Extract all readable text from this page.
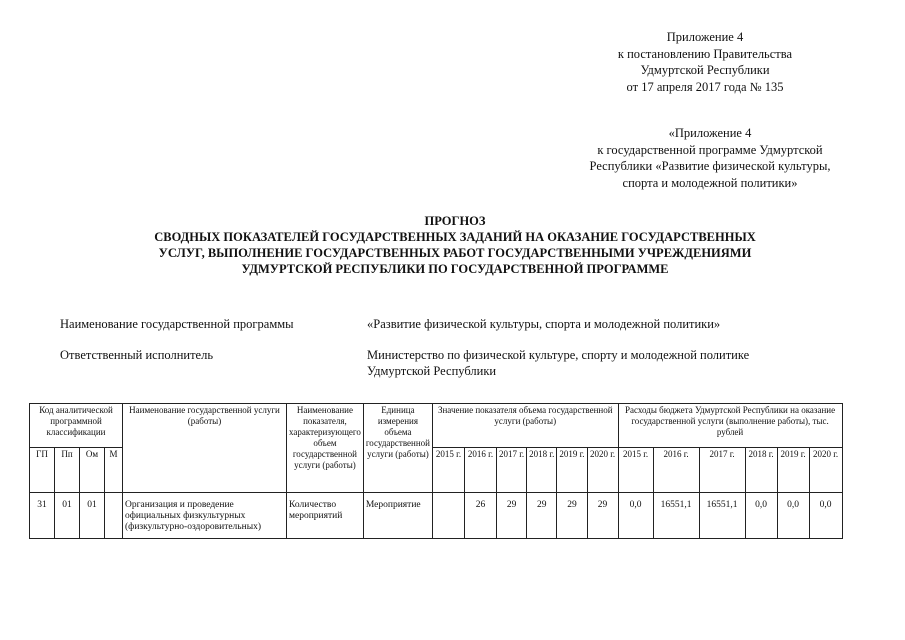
Приложение 4
к постановлению Правительства
Удмуртской Республики
от 17 апреля 2017 года № 135
«Приложение 4
к государственной программе Удмуртской
Республики «Развитие физической культуры,
спорта и молодежной политики»
ПРОГНОЗ
СВОДНЫХ ПОКАЗАТЕЛЕЙ ГОСУДАРСТВЕННЫХ ЗАДАНИЙ НА ОКАЗАНИЕ ГОСУДАРСТВЕННЫХ
УСЛУГ, ВЫПОЛНЕНИЕ ГОСУДАРСТВЕННЫХ РАБОТ ГОСУДАРСТВЕННЫМИ УЧРЕЖДЕНИЯМИ
УДМУРТСКОЙ РЕСПУБЛИКИ ПО ГОСУДАРСТВЕННОЙ ПРОГРАММЕ
Наименование государственной программы	«Развитие физической культуры, спорта и молодежной политики»
Ответственный исполнитель	Министерство по физической культуре, спорту и молодежной политике
Удмуртской Республики
Код аналитической программной классификации				Наименование государственной услуги (работы)	Наименование показателя, характеризующего объем государственной услуги (работы)	Единица измерения объема государственной услуги (работы)	Значение показателя объема государственной услуги (работы)						Расходы бюджета Удмуртской Республики на оказание государственной услуги (выполнение работы), тыс. рублей					
ГП	Пп	Ом	М				2015 г.	2016 г.	2017 г.	2018 г.	2019 г.	2020 г.	2015 г.	2016 г.	2017 г.	2018 г.	2019 г.	2020 г.
31	01	01		Организация и проведение официальных физкультурных (физкультурно-оздоровительных)	Количество мероприятий	Мероприятие		26	29	29	29	29	0,0	16551,1	16551,1	0,0	0,0	0,0
